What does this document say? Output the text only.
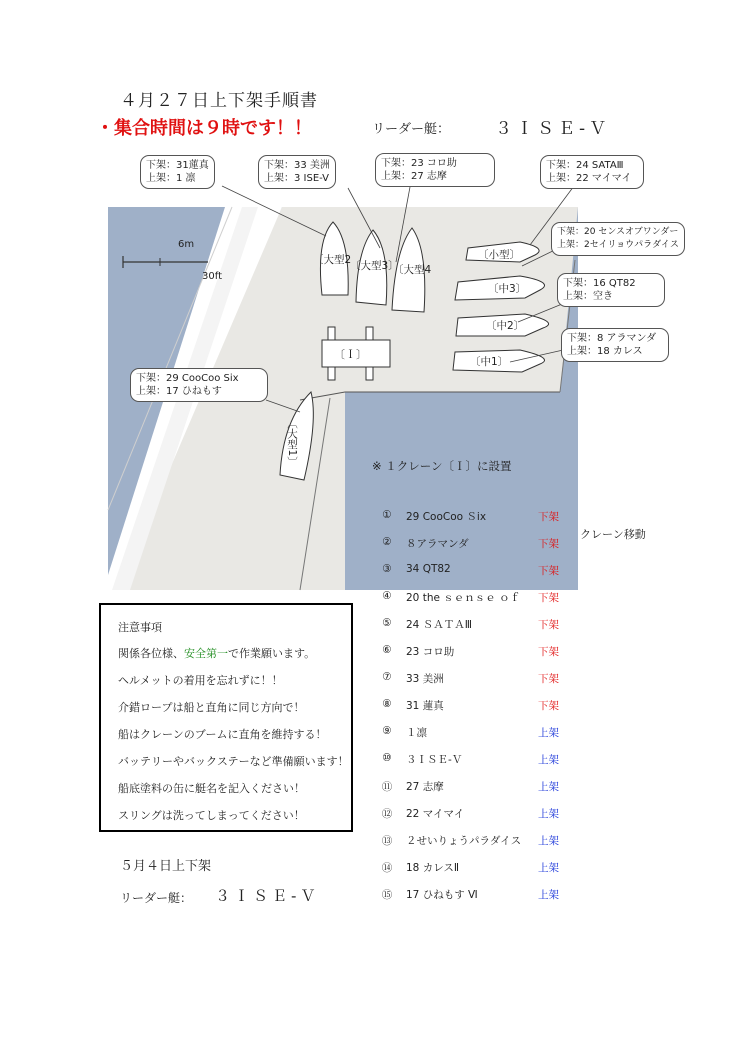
6m
30ft
〔Ｉ〕
４月２７日上下架手順書
・集合時間は９時です！！	リーダー艇：	３ＩＳＥ-Ｖ
〔大型2
〔大型3〕
〔大型4
〔小型〕
〔中3〕
〔中2〕
〔中1〕
〔大型1〕
下架：31蓮真
上架：1 凛
下架：33 美洲
上架：3 ISE-V
下架：23 コロ助
上架：27 志摩
下架：24 SATAⅢ
上架：22 マイマイ
下架：20 センスオブワンダー
上架：2セイリョウパラダイス
下架：16 QT82
上架：空き
下架：8 アラマンダ
上架：18 カレス
下架：29 CooCoo Six
上架：17 ひねもす
※ １クレーン〔Ｉ〕に設置
クレーン移動
①	29 CooCoo Ｓix	下架
②	８アラマンダ	下架
③	34 QT82	下架
④	20 the ｓｅｎｓｅ ｏｆ 下架
⑤	24 ＳＡＴＡⅢ	下架
⑥	23 コロ助	下架
⑦	33 美洲	下架
⑧	31 蓮真	下架
⑨	１凛	上架
⑩	３ＩＳＥ-Ｖ	上架
⑪	27 志摩	上架
⑫	22 マイマイ	上架
⑬	２せいりょうパラダイス 上架
⑭	18 カレスⅡ	上架
⑮	17 ひねもす Ⅵ	上架
注意事項
関係各位様、安全第一で作業願います。
ヘルメットの着用を忘れずに！！
介錯ロープは船と直角に同じ方向で！
船はクレーンのブームに直角を維持する！
バッテリーやバックステーなど準備願います！
船底塗料の缶に艇名を記入ください！
スリングは洗ってしまってください！
５月４日上下架
リーダー艇： ３ＩＳＥ-Ｖ
